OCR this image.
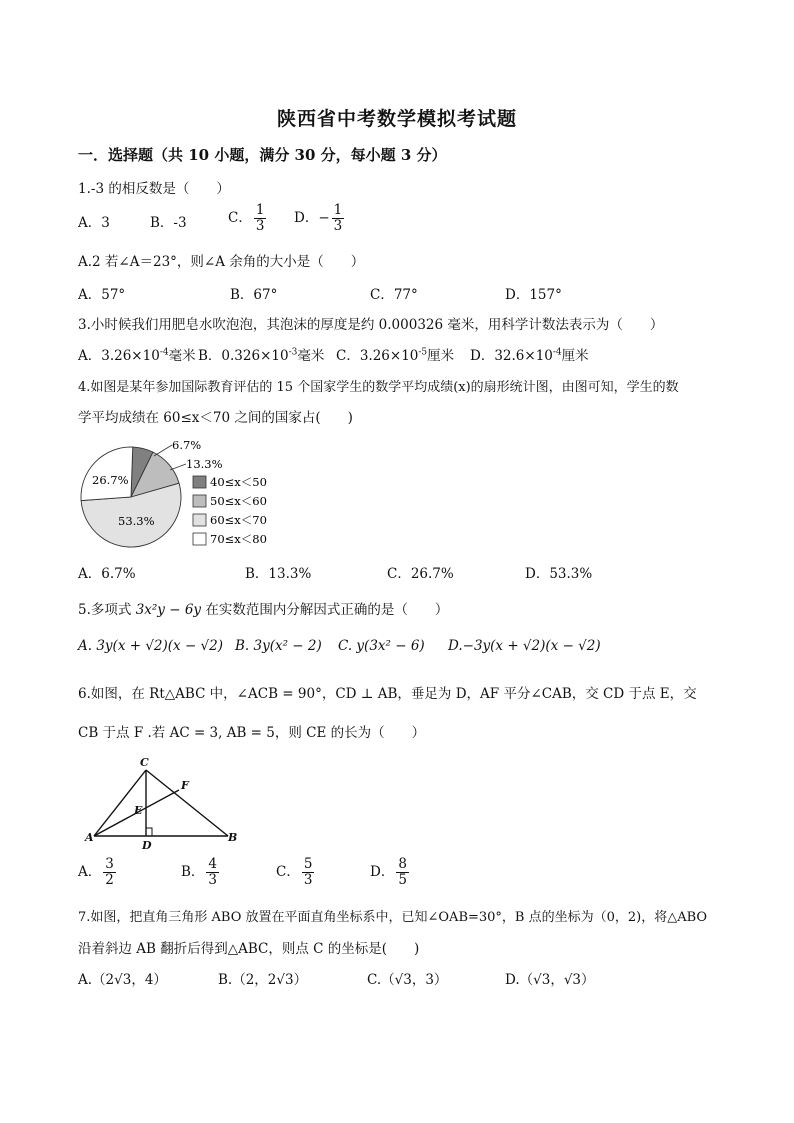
陕西省中考数学模拟考试题
一．选择题（共 10 小题，满分 30 分，每小题 3 分）
1.-3 的相反数是（　　）
A．3	B．-3	C． $\frac{1}{3}$ D．− $\frac{1}{3}$
A.2 若∠A＝23°，则∠A 余角的大小是（　　）
A．57°	B．67°	C．77°	D．157°
3.小时候我们用肥皂水吹泡泡，其泡沫的厚度是约 0.000326 毫米，用科学计数法表示为（　　）
A．$3.26\times 10^{-4}$毫米 B．$0.326\times 10^{-3}$毫米 C．$3.26\times 10^{-5}$厘米 D．$32.6\times 10^{-4}$厘米
4.如图是某年参加国际教育评估的 15 个国家学生的数学平均成绩(x)的扇形统计图，由图可知，学生的数
学平均成绩在 60≤x＜70 之间的国家占(　　)
6.7%
13.3%
26.7%
53.3%
40≤x＜50
50≤x＜60
60≤x＜70
70≤x＜80
A．6.7%	B．13.3%	C．26.7%	D．53.3%
5.多项式 3x²y − 6y 在实数范围内分解因式正确的是（　　）
A. 3y(x + √2)(x − √2) B. 3y(x² − 2) C. y(3x² − 6) D.−3y(x + √2)(x − √2)
6.如图，在 Rt△ABC 中，∠ACB = 90°，CD ⊥ AB，垂足为 D，AF 平分∠CAB，交 CD 于点 E，交
CB 于点 F .若 AC = 3, AB = 5，则 CE 的长为（　　）
C
F
E
A
D
B
A． $\frac{3}{2}$	B． $\frac{4}{3}$	C． $\frac{5}{3}$	D． $\frac{8}{5}$
7.如图，把直角三角形 ABO 放置在平面直角坐标系中，已知∠OAB=30°，B 点的坐标为（0，2)，将△ABO
沿着斜边 AB 翻折后得到△ABC，则点 C 的坐标是(　　)
A.（2√3，4）	B.（2，2√3）	C.（√3，3）	D.（√3，√3）
